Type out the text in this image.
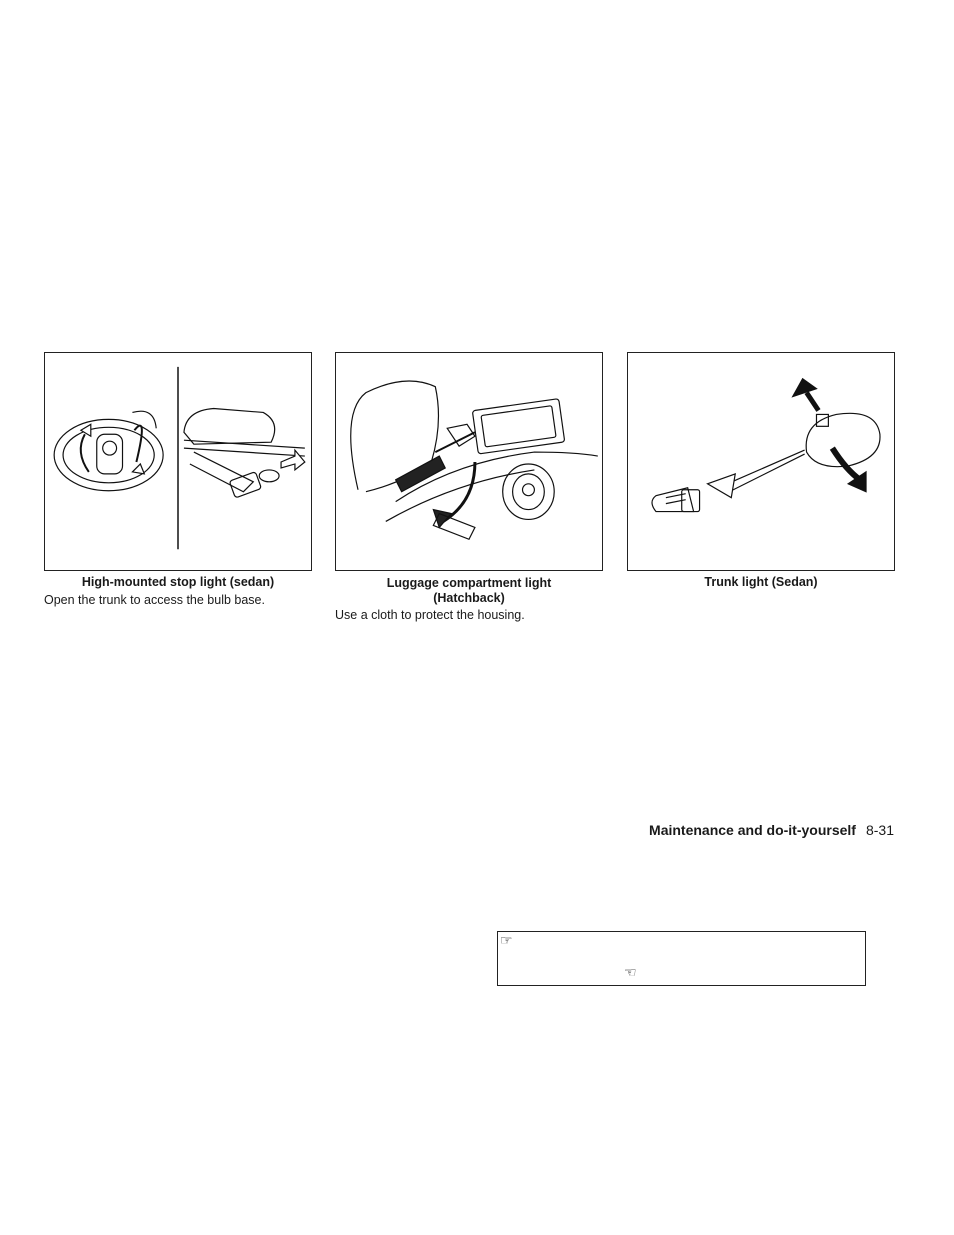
High-mounted stop light (sedan)
Open the trunk to access the bulb base.
Luggage compartment light
(Hatchback)
Use a cloth to protect the housing.
Trunk light (Sedan)
Maintenance and do-it-yourself 8-31
☞
☜
